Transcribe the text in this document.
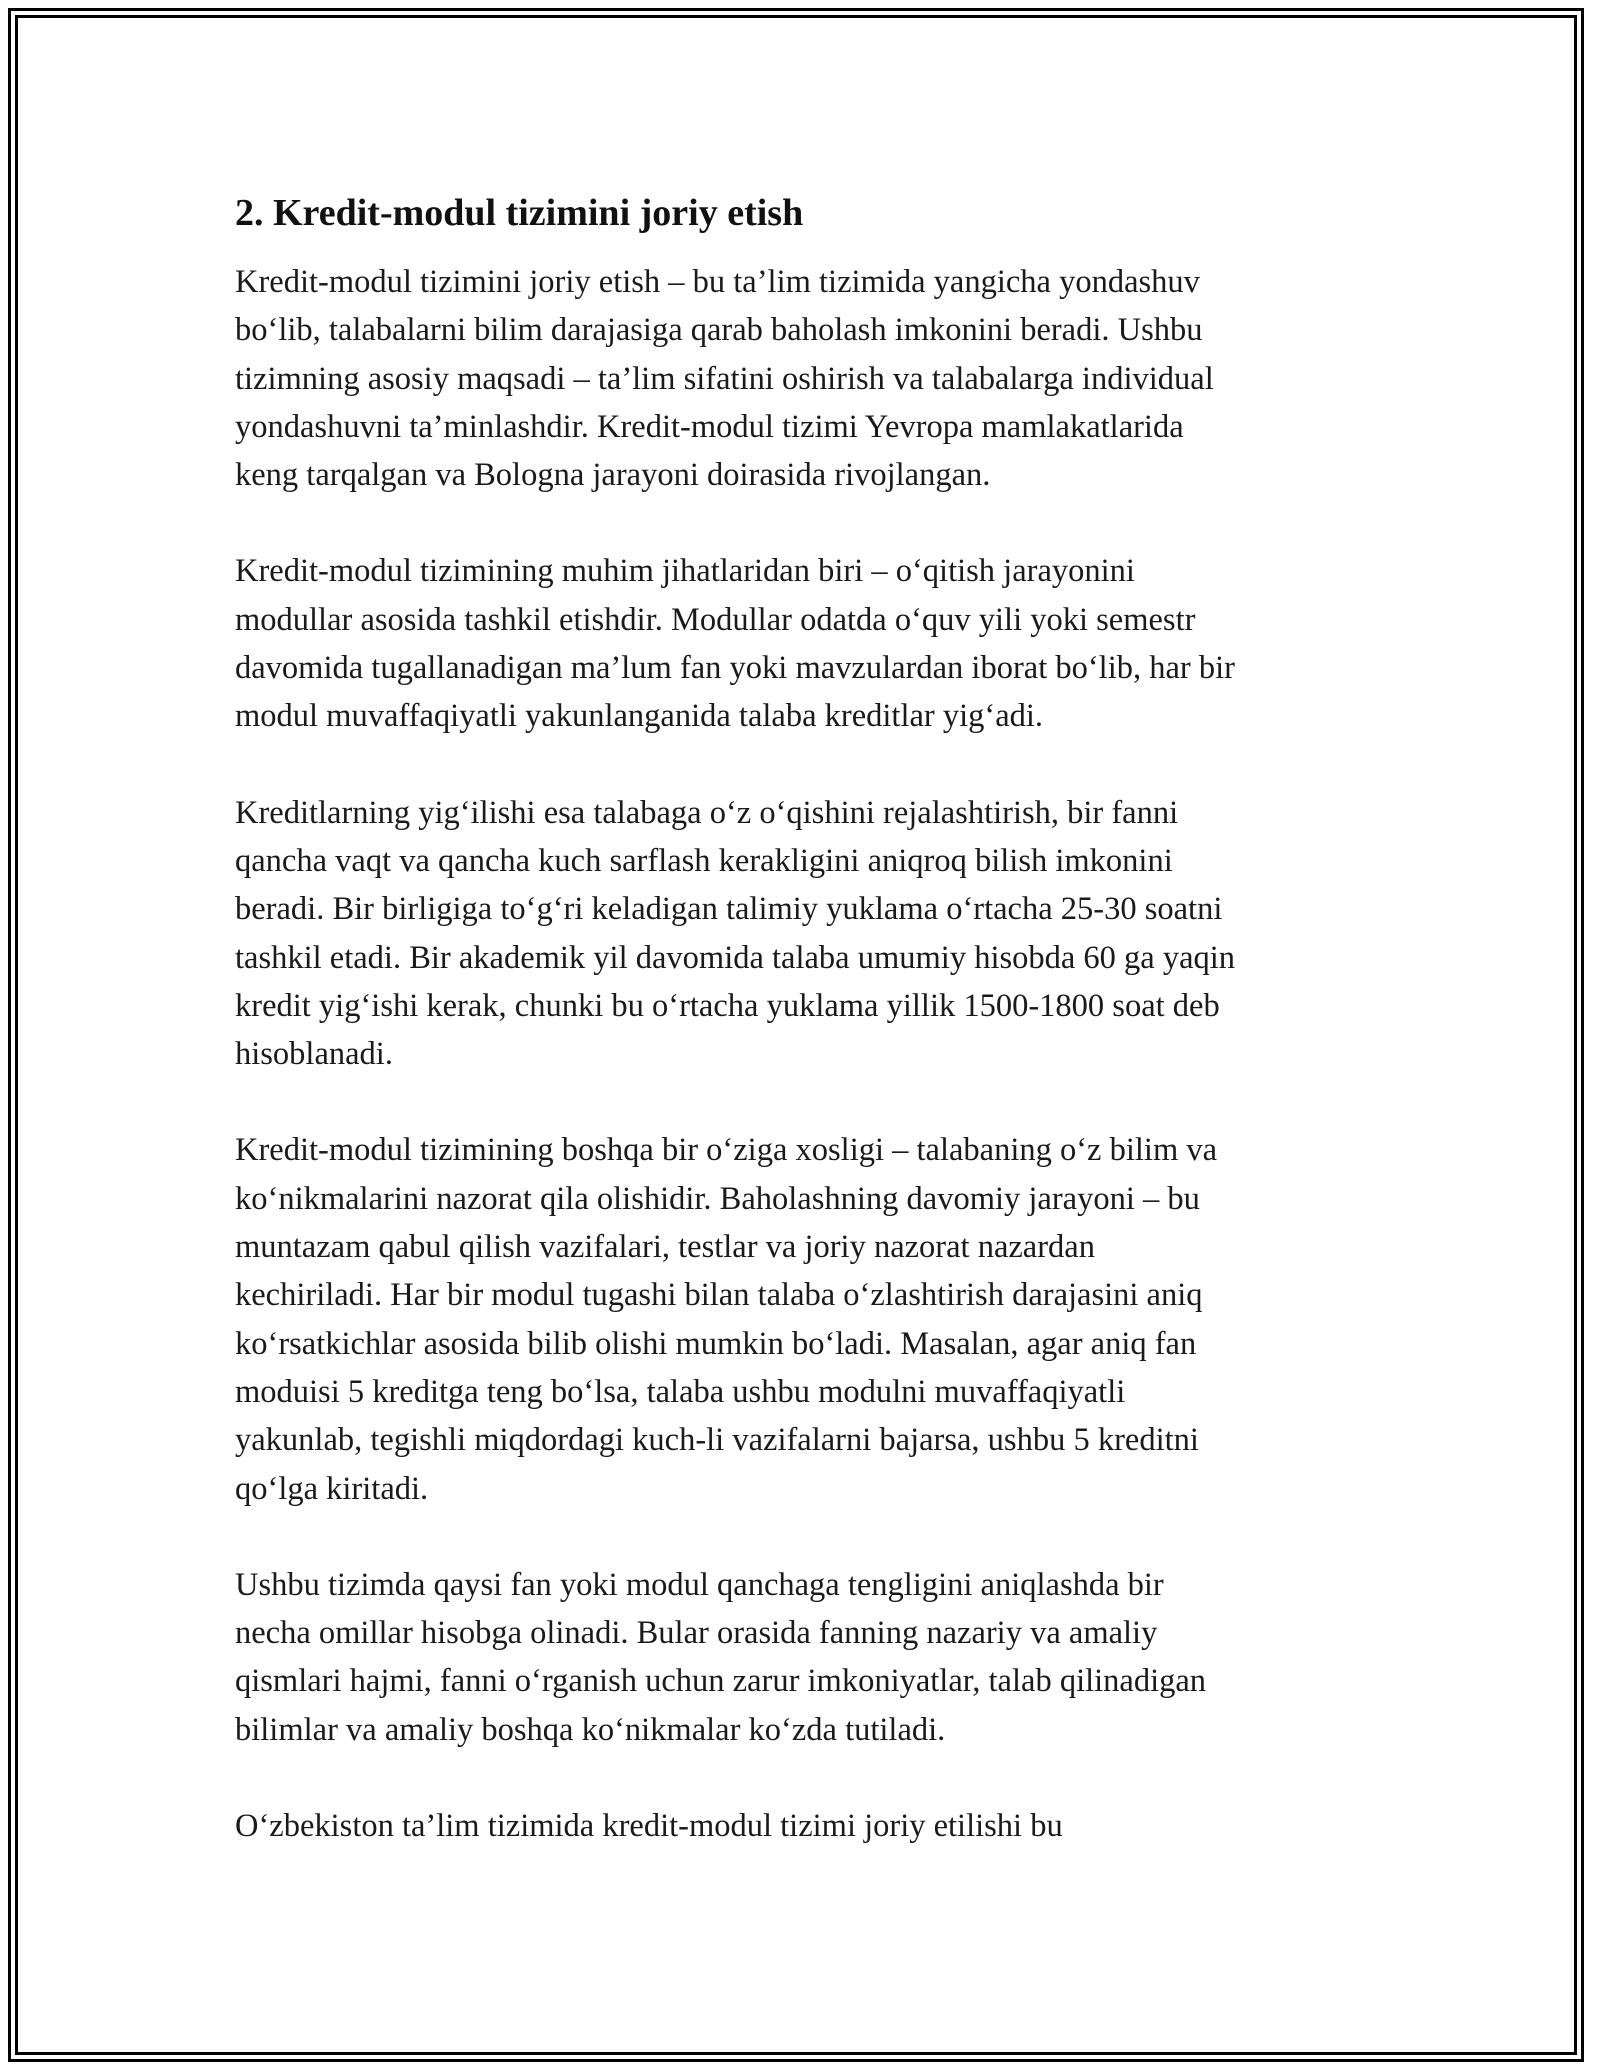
2. Kredit-modul tizimini joriy etish

Kredit-modul tizimini joriy etish – bu ta’lim tizimida yangicha yondashuv
bo‘lib, talabalarni bilim darajasiga qarab baholash imkonini beradi. Ushbu
tizimning asosiy maqsadi – ta’lim sifatini oshirish va talabalarga individual
yondashuvni ta’minlashdir. Kredit-modul tizimi Yevropa mamlakatlarida
keng tarqalgan va Bologna jarayoni doirasida rivojlangan.

Kredit-modul tizimining muhim jihatlaridan biri – o‘qitish jarayonini
modullar asosida tashkil etishdir. Modullar odatda o‘quv yili yoki semestr
davomida tugallanadigan ma’lum fan yoki mavzulardan iborat bo‘lib, har bir
modul muvaffaqiyatli yakunlanganida talaba kreditlar yig‘adi.

Kreditlarning yig‘ilishi esa talabaga o‘z o‘qishini rejalashtirish, bir fanni
qancha vaqt va qancha kuch sarflash kerakligini aniqroq bilish imkonini
beradi. Bir birligiga to‘g‘ri keladigan talimiy yuklama o‘rtacha 25-30 soatni
tashkil etadi. Bir akademik yil davomida talaba umumiy hisobda 60 ga yaqin
kredit yig‘ishi kerak, chunki bu o‘rtacha yuklama yillik 1500-1800 soat deb
hisoblanadi.

Kredit-modul tizimining boshqa bir o‘ziga xosligi – talabaning o‘z bilim va
ko‘nikmalarini nazorat qila olishidir. Baholashning davomiy jarayoni – bu
muntazam qabul qilish vazifalari, testlar va joriy nazorat nazardan
kechiriladi. Har bir modul tugashi bilan talaba o‘zlashtirish darajasini aniq
ko‘rsatkichlar asosida bilib olishi mumkin bo‘ladi. Masalan, agar aniq fan
moduisi 5 kreditga teng bo‘lsa, talaba ushbu modulni muvaffaqiyatli
yakunlab, tegishli miqdordagi kuch-li vazifalarni bajarsa, ushbu 5 kreditni
qo‘lga kiritadi.

Ushbu tizimda qaysi fan yoki modul qanchaga tengligini aniqlashda bir
necha omillar hisobga olinadi. Bular orasida fanning nazariy va amaliy
qismlari hajmi, fanni o‘rganish uchun zarur imkoniyatlar, talab qilinadigan
bilimlar va amaliy boshqa ko‘nikmalar ko‘zda tutiladi.

O‘zbekiston ta’lim tizimida kredit-modul tizimi joriy etilishi bu
